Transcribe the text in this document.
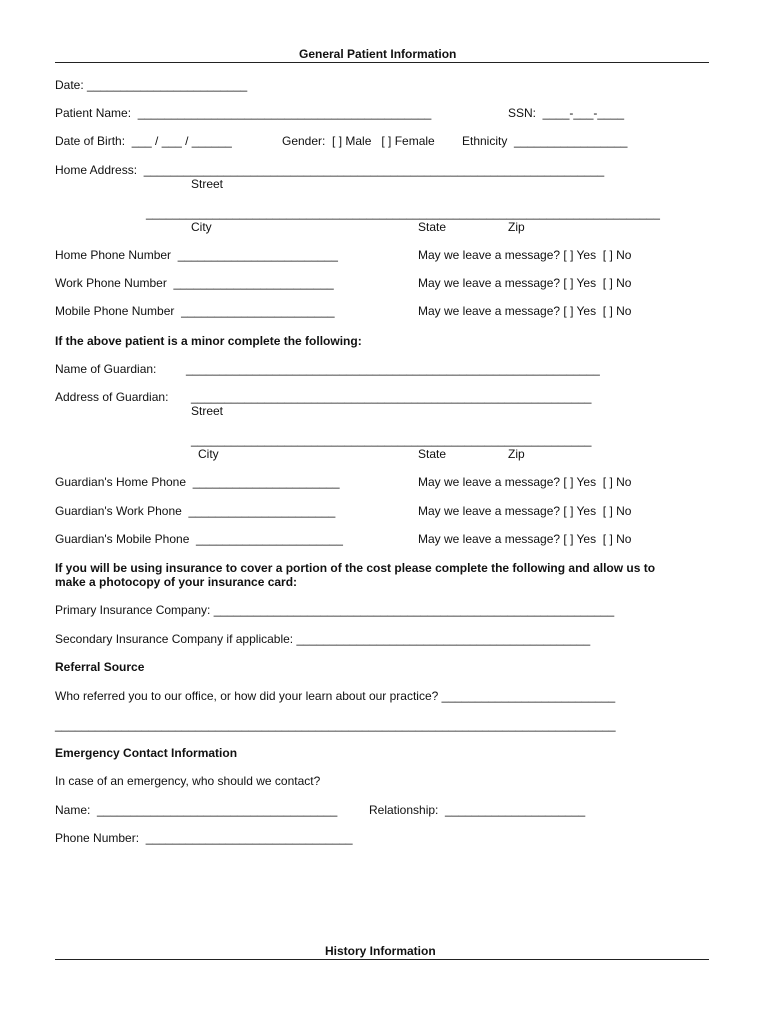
General Patient Information
Date: ________________________
Patient Name:  ____________________________________________	SSN:  ____-___-____
Date of Birth:  ___ / ___ / ______	Gender:  [ ] Male   [ ] Female Ethnicity  _________________
Home Address:  _____________________________________________________________________
Street
_____________________________________________________________________________
City	State	Zip
Home Phone Number  ________________________	May we leave a message? [ ] Yes  [ ] No
Work Phone Number  ________________________	May we leave a message? [ ] Yes  [ ] No
Mobile Phone Number  _______________________	May we leave a message? [ ] Yes  [ ] No
If the above patient is a minor complete the following:
Name of Guardian: ______________________________________________________________
Address of Guardian: ____________________________________________________________
Street
____________________________________________________________
City	State	Zip
Guardian's Home Phone  ______________________	May we leave a message? [ ] Yes  [ ] No
Guardian's Work Phone  ______________________	May we leave a message? [ ] Yes  [ ] No
Guardian's Mobile Phone  ______________________	May we leave a message? [ ] Yes  [ ] No
If you will be using insurance to cover a portion of the cost please complete the following and allow us to
make a photocopy of your insurance card:
Primary Insurance Company: ____________________________________________________________
Secondary Insurance Company if applicable: ____________________________________________
Referral Source
Who referred you to our office, or how did your learn about our practice? __________________________
____________________________________________________________________________________
Emergency Contact Information
In case of an emergency, who should we contact?
Name:  ____________________________________	Relationship:  _____________________
Phone Number:  _______________________________
History Information
